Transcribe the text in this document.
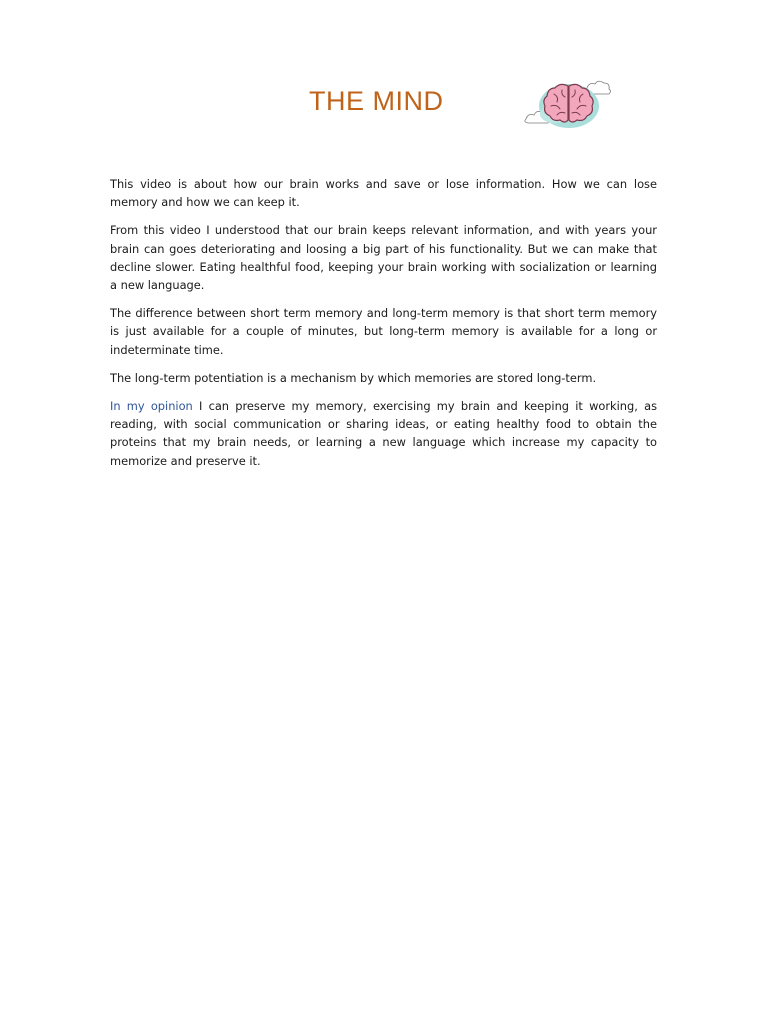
THE MIND

This video is about how our brain works and save or lose information. How we can lose memory and how we can keep it.

From this video I understood that our brain keeps relevant information, and with years your brain can goes deteriorating and loosing a big part of his functionality. But we can make that decline slower. Eating healthful food, keeping your brain working with socialization or learning a new language.

The difference between short term memory and long-term memory is that short term memory is just available for a couple of minutes, but long-term memory is available for a long or indeterminate time.

The long-term potentiation is a mechanism by which memories are stored long-term.

In my opinion I can preserve my memory, exercising my brain and keeping it working, as reading, with social communication or sharing ideas, or eating healthy food to obtain the proteins that my brain needs, or learning a new language which increase my capacity to memorize and preserve it.
